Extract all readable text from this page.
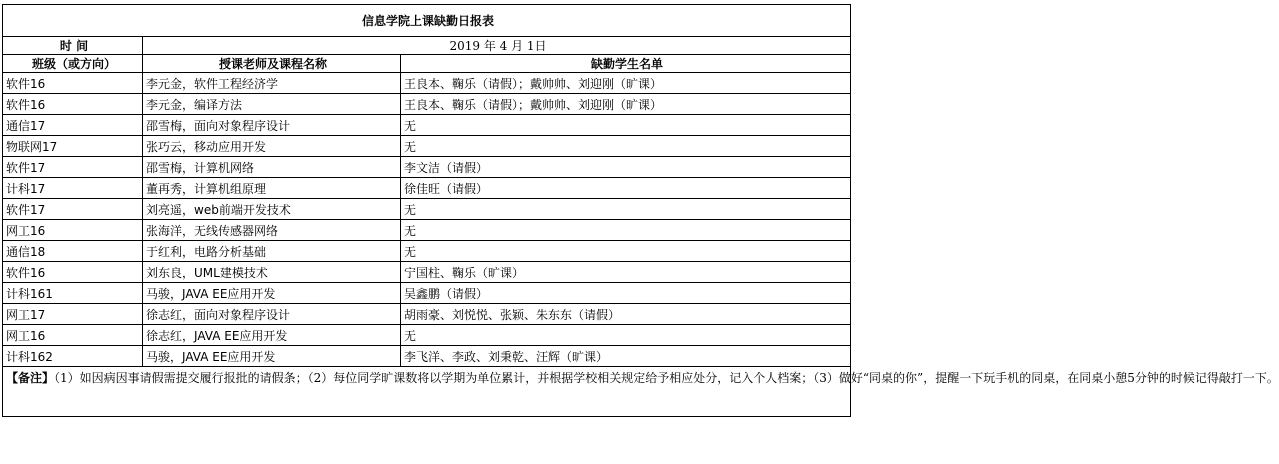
信息学院上课缺勤日报表		
时 间	2019 年 4 月 1日	
班级（或方向）	授课老师及课程名称	缺勤学生名单
软件16	李元金，软件工程经济学	王良本、鞠乐（请假）；戴帅帅、刘迎刚（旷课）
软件16	李元金，编译方法	王良本、鞠乐（请假）；戴帅帅、刘迎刚（旷课）
通信17	邵雪梅，面向对象程序设计	无
物联网17	张巧云，移动应用开发	无
软件17	邵雪梅，计算机网络	李文洁（请假）
计科17	董再秀，计算机组原理	徐佳旺（请假）
软件17	刘亮遥，web前端开发技术	无
网工16	张海洋，无线传感器网络	无
通信18	于红利，电路分析基础	无
软件16	刘东良，UML建模技术	宁国柱、鞠乐（旷课）
计科161	马骏，JAVA EE应用开发	吴鑫鹏（请假）
网工17	徐志红，面向对象程序设计	胡雨豪、刘悦悦、张颖、朱东东（请假）
网工16	徐志红，JAVA EE应用开发	无
计科162	马骏，JAVA EE应用开发	李飞洋、李政、刘秉乾、汪辉（旷课）
【备注】（1）如因病因事请假需提交履行报批的请假条；（2）每位同学旷课数将以学期为单位累计，并根据学校相关规定给予相应处分，记入个人档案；（3）做好“同桌的你”，提醒一下玩手机的同桌，在同桌小憩5分钟的时候记得敲打一下。		
